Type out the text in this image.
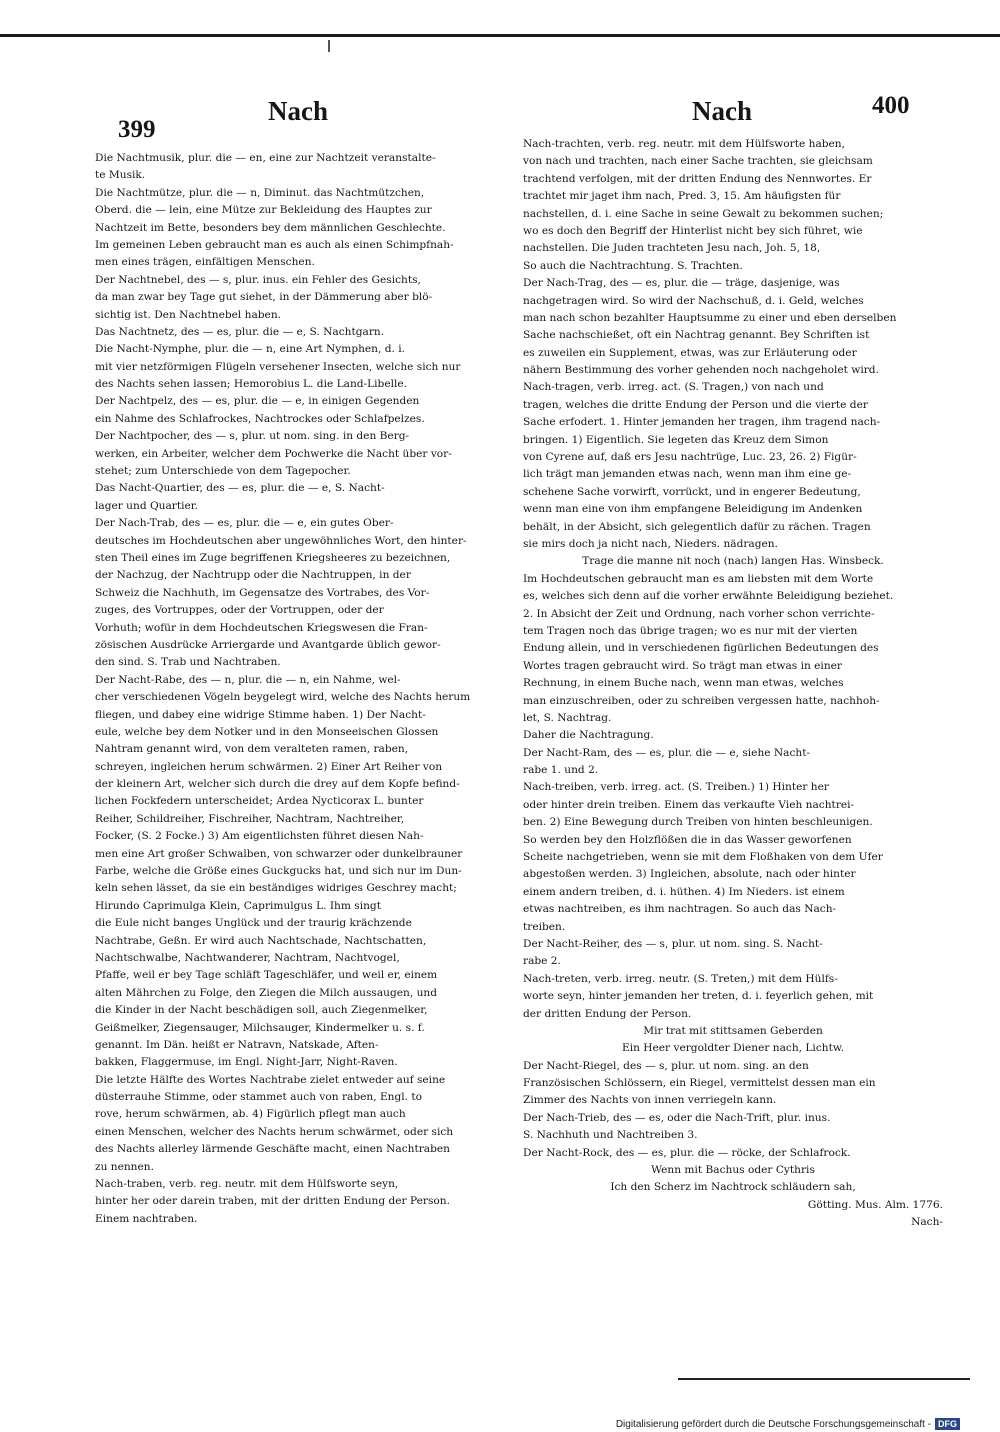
399
Nach	Nach	400
Die Nachtmusik, plur. die — en, eine zur Nachtzeit veranstalte-
te Musik.
Die Nachtmütze, plur. die — n, Diminut. das Nachtmützchen,
Oberd. die — lein, eine Mütze zur Bekleidung des Hauptes zur
Nachtzeit im Bette, besonders bey dem männlichen Geschlechte.
Im gemeinen Leben gebraucht man es auch als einen Schimpfnah-
men eines trägen, einfältigen Menschen.
Der Nachtnebel, des — s, plur. inus. ein Fehler des Gesichts,
da man zwar bey Tage gut siehet, in der Dämmerung aber blö-
sichtig ist. Den Nachtnebel haben.
Das Nachtnetz, des — es, plur. die — e, S. Nachtgarn.
Die Nacht-Nymphe, plur. die — n, eine Art Nymphen, d. i.
mit vier netzförmigen Flügeln versehener Insecten, welche sich nur
des Nachts sehen lassen; Hemorobius L. die Land-Libelle.
Der Nachtpelz, des — es, plur. die — e, in einigen Gegenden
ein Nahme des Schlafrockes, Nachtrockes oder Schlafpelzes.
Der Nachtpocher, des — s, plur. ut nom. sing. in den Berg-
werken, ein Arbeiter, welcher dem Pochwerke die Nacht über vor-
stehet; zum Unterschiede von dem Tagepocher.
Das Nacht-Quartier, des — es, plur. die — e, S. Nacht-
lager und Quartier.
Der Nach-Trab, des — es, plur. die — e, ein gutes Ober-
deutsches im Hochdeutschen aber ungewöhnliches Wort, den hinter-
sten Theil eines im Zuge begriffenen Kriegsheeres zu bezeichnen,
der Nachzug, der Nachtrupp oder die Nachtruppen, in der
Schweiz die Nachhuth, im Gegensatze des Vortrabes, des Vor-
zuges, des Vortruppes, oder der Vortruppen, oder der
Vorhuth; wofür in dem Hochdeutschen Kriegswesen die Fran-
zösischen Ausdrücke Arriergarde und Avantgarde üblich gewor-
den sind. S. Trab und Nachtraben.
Der Nacht-Rabe, des — n, plur. die — n, ein Nahme, wel-
cher verschiedenen Vögeln beygelegt wird, welche des Nachts herum
fliegen, und dabey eine widrige Stimme haben. 1) Der Nacht-
eule, welche bey dem Notker und in den Monseeischen Glossen
Nahtram genannt wird, von dem veralteten ramen, raben,
schreyen, ingleichen herum schwärmen. 2) Einer Art Reiher von
der kleinern Art, welcher sich durch die drey auf dem Kopfe befind-
lichen Fockfedern unterscheidet; Ardea Nycticorax L. bunter
Reiher, Schildreiher, Fischreiher, Nachtram, Nachtreiher,
Focker, (S. 2 Focke.) 3) Am eigentlichsten führet diesen Nah-
men eine Art großer Schwalben, von schwarzer oder dunkelbrauner
Farbe, welche die Größe eines Guckgucks hat, und sich nur im Dun-
keln sehen lässet, da sie ein beständiges widriges Geschrey macht;
Hirundo Caprimulga Klein, Caprimulgus L. Ihm singt
die Eule nicht banges Unglück und der traurig krächzende
Nachtrabe, Geßn. Er wird auch Nachtschade, Nachtschatten,
Nachtschwalbe, Nachtwanderer, Nachtram, Nachtvogel,
Pfaffe, weil er bey Tage schläft Tageschläfer, und weil er, einem
alten Mährchen zu Folge, den Ziegen die Milch aussaugen, und
die Kinder in der Nacht beschädigen soll, auch Ziegenmelker,
Geißmelker, Ziegensauger, Milchsauger, Kindermelker u. s. f.
genannt. Im Dän. heißt er Natravn, Natskade, Aften-
bakken, Flaggermuse, im Engl. Night-Jarr, Night-Raven.
Die letzte Hälfte des Wortes Nachtrabe zielet entweder auf seine
düsterrauhe Stimme, oder stammet auch von raben, Engl. to
rove, herum schwärmen, ab. 4) Figürlich pflegt man auch
einen Menschen, welcher des Nachts herum schwärmet, oder sich
des Nachts allerley lärmende Geschäfte macht, einen Nachtraben
zu nennen.
Nach-traben, verb. reg. neutr. mit dem Hülfsworte seyn,
hinter her oder darein traben, mit der dritten Endung der Person.
Einem nachtraben.
Nach-trachten, verb. reg. neutr. mit dem Hülfsworte haben,
von nach und trachten, nach einer Sache trachten, sie gleichsam
trachtend verfolgen, mit der dritten Endung des Nennwortes. Er
trachtet mir jaget ihm nach, Pred. 3, 15. Am häufigsten für
nachstellen, d. i. eine Sache in seine Gewalt zu bekommen suchen;
wo es doch den Begriff der Hinterlist nicht bey sich führet, wie
nachstellen. Die Juden trachteten Jesu nach, Joh. 5, 18,
So auch die Nachtrachtung. S. Trachten.
Der Nach-Trag, des — es, plur. die — träge, dasjenige, was
nachgetragen wird. So wird der Nachschuß, d. i. Geld, welches
man nach schon bezahlter Hauptsumme zu einer und eben derselben
Sache nachschießet, oft ein Nachtrag genannt. Bey Schriften ist
es zuweilen ein Supplement, etwas, was zur Erläuterung oder
nähern Bestimmung des vorher gehenden noch nachgeholet wird.
Nach-tragen, verb. irreg. act. (S. Tragen,) von nach und
tragen, welches die dritte Endung der Person und die vierte der
Sache erfodert. 1. Hinter jemanden her tragen, ihm tragend nach-
bringen. 1) Eigentlich. Sie legeten das Kreuz dem Simon
von Cyrene auf, daß ers Jesu nachtrüge, Luc. 23, 26. 2) Figür-
lich trägt man jemanden etwas nach, wenn man ihm eine ge-
schehene Sache vorwirft, vorrückt, und in engerer Bedeutung,
wenn man eine von ihm empfangene Beleidigung im Andenken
behält, in der Absicht, sich gelegentlich dafür zu rächen. Tragen
sie mirs doch ja nicht nach, Nieders. nädragen.
Trage die manne nit noch (nach) langen Has. Winsbeck.
Im Hochdeutschen gebraucht man es am liebsten mit dem Worte
es, welches sich denn auf die vorher erwähnte Beleidigung beziehet.
2. In Absicht der Zeit und Ordnung, nach vorher schon verrichte-
tem Tragen noch das übrige tragen; wo es nur mit der vierten
Endung allein, und in verschiedenen figürlichen Bedeutungen des
Wortes tragen gebraucht wird. So trägt man etwas in einer
Rechnung, in einem Buche nach, wenn man etwas, welches
man einzuschreiben, oder zu schreiben vergessen hatte, nachhoh-
let, S. Nachtrag.
Daher die Nachtragung.
Der Nacht-Ram, des — es, plur. die — e, siehe Nacht-
rabe 1. und 2.
Nach-treiben, verb. irreg. act. (S. Treiben.) 1) Hinter her
oder hinter drein treiben. Einem das verkaufte Vieh nachtrei-
ben. 2) Eine Bewegung durch Treiben von hinten beschleunigen.
So werden bey den Holzflößen die in das Wasser geworfenen
Scheite nachgetrieben, wenn sie mit dem Floßhaken von dem Ufer
abgestoßen werden. 3) Ingleichen, absolute, nach oder hinter
einem andern treiben, d. i. hüthen. 4) Im Nieders. ist einem
etwas nachtreiben, es ihm nachtragen. So auch das Nach-
treiben.
Der Nacht-Reiher, des — s, plur. ut nom. sing. S. Nacht-
rabe 2.
Nach-treten, verb. irreg. neutr. (S. Treten,) mit dem Hülfs-
worte seyn, hinter jemanden her treten, d. i. feyerlich gehen, mit
der dritten Endung der Person.
Mir trat mit stittsamen Geberden
Ein Heer vergoldter Diener nach, Lichtw.
Der Nacht-Riegel, des — s, plur. ut nom. sing. an den
Französischen Schlössern, ein Riegel, vermittelst dessen man ein
Zimmer des Nachts von innen verriegeln kann.
Der Nach-Trieb, des — es, oder die Nach-Trift, plur. inus.
S. Nachhuth und Nachtreiben 3.
Der Nacht-Rock, des — es, plur. die — röcke, der Schlafrock.
Wenn mit Bachus oder Cythris
Ich den Scherz im Nachtrock schläudern sah,
Götting. Mus. Alm. 1776.
Nach-
Digitalisierung gefördert durch die Deutsche Forschungsgemeinschaft - DFG
